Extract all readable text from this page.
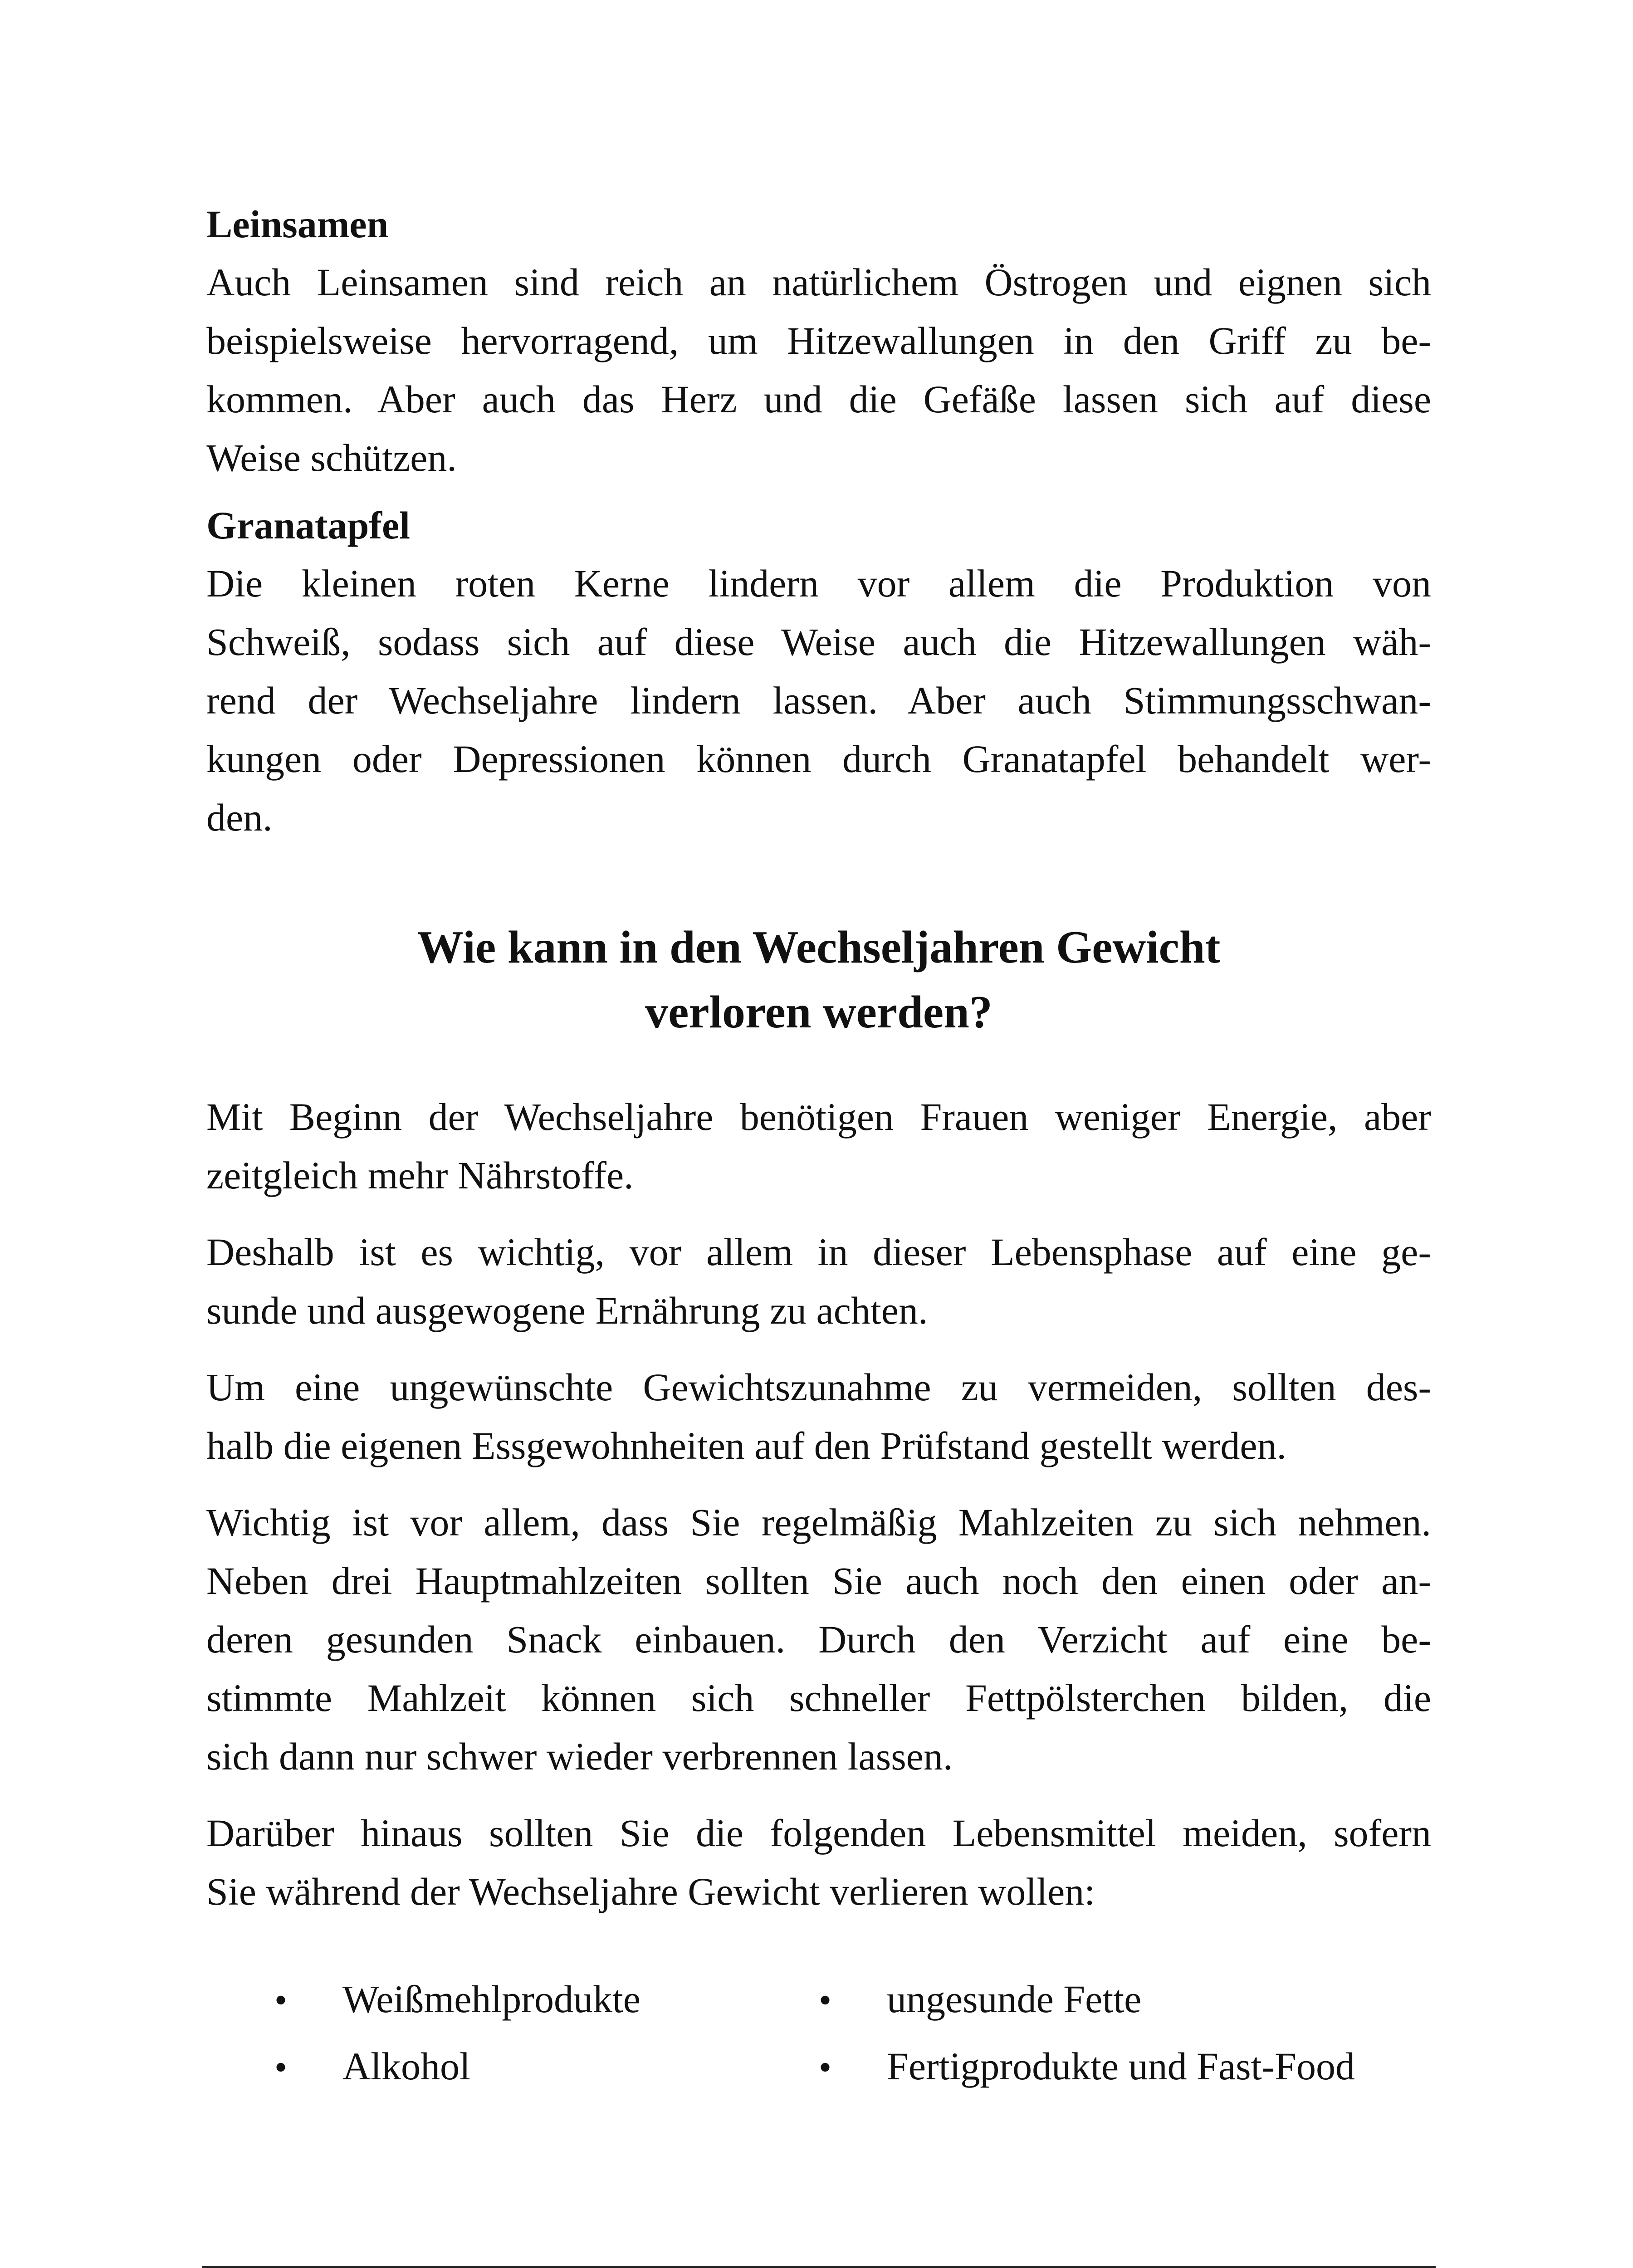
Leinsamen
Auch Leinsamen sind reich an natürlichem Östrogen und eignen sich
beispielsweise hervorragend, um Hitzewallungen in den Griff zu be-
kommen. Aber auch das Herz und die Gefäße lassen sich auf diese
Weise schützen.
Granatapfel
Die kleinen roten Kerne lindern vor allem die Produktion von
Schweiß, sodass sich auf diese Weise auch die Hitzewallungen wäh-
rend der Wechseljahre lindern lassen. Aber auch Stimmungsschwan-
kungen oder Depressionen können durch Granatapfel behandelt wer-
den.
Wie kann in den Wechseljahren Gewicht
verloren werden?
Mit Beginn der Wechseljahre benötigen Frauen weniger Energie, aber
zeitgleich mehr Nährstoffe.
Deshalb ist es wichtig, vor allem in dieser Lebensphase auf eine ge-
sunde und ausgewogene Ernährung zu achten.
Um eine ungewünschte Gewichtszunahme zu vermeiden, sollten des-
halb die eigenen Essgewohnheiten auf den Prüfstand gestellt werden.
Wichtig ist vor allem, dass Sie regelmäßig Mahlzeiten zu sich nehmen.
Neben drei Hauptmahlzeiten sollten Sie auch noch den einen oder an-
deren gesunden Snack einbauen. Durch den Verzicht auf eine be-
stimmte Mahlzeit können sich schneller Fettpölsterchen bilden, die
sich dann nur schwer wieder verbrennen lassen.
Darüber hinaus sollten Sie die folgenden Lebensmittel meiden, sofern
Sie während der Wechseljahre Gewicht verlieren wollen:
•	Weißmehlprodukte	•	ungesunde Fette
•	Alkohol	•	Fertigprodukte und Fast-Food
